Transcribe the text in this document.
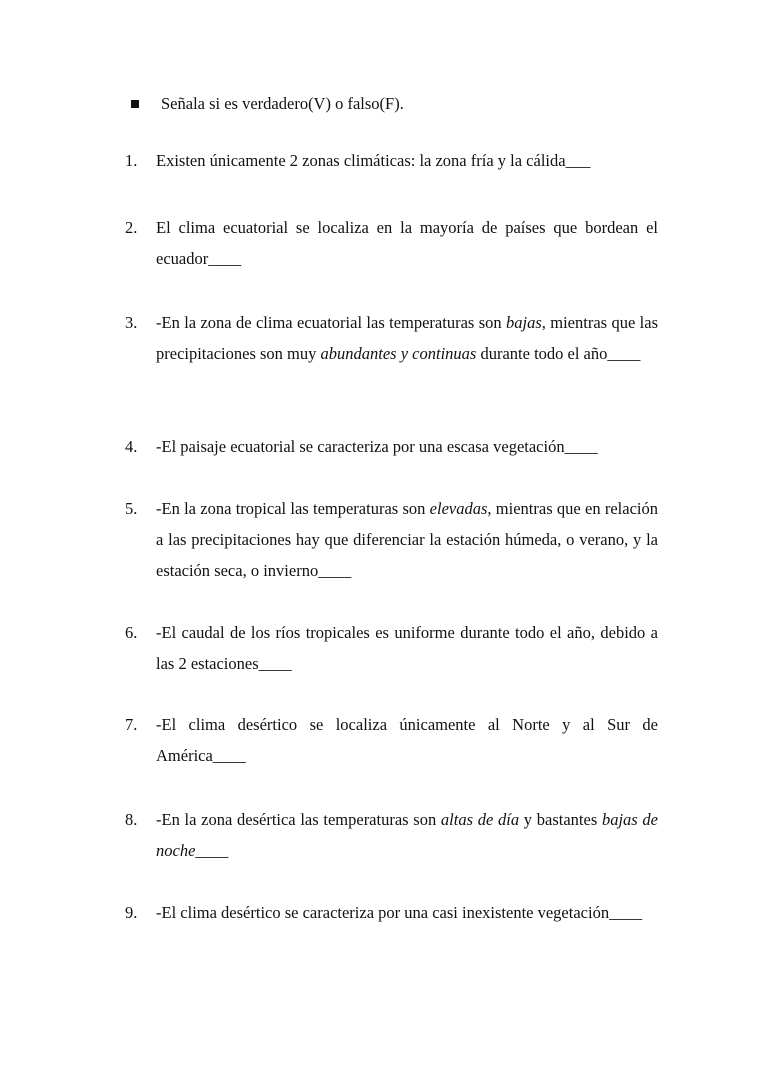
Señala si es verdadero(V) o falso(F).
1.	Existen únicamente 2 zonas climáticas: la zona fría y la cálida___
2.	El clima ecuatorial se localiza en la mayoría de países que bordean el ecuador____
3.	-En la zona de clima ecuatorial las temperaturas son bajas, mientras que las precipitaciones son muy abundantes y continuas durante todo el año____
4.	-El paisaje ecuatorial se caracteriza por una escasa vegetación____
5.	-En la zona tropical las temperaturas son elevadas, mientras que en relación a las precipitaciones hay que diferenciar la estación húmeda, o verano, y la estación seca, o invierno____
6.	-El caudal de los ríos tropicales es uniforme durante todo el año, debido a las 2 estaciones____
7.	-El clima desértico se localiza únicamente al Norte y al Sur de América____
8.	-En la zona desértica las temperaturas son altas de día y bastantes bajas de noche____
9.	-El clima desértico se caracteriza por una casi inexistente vegetación____
